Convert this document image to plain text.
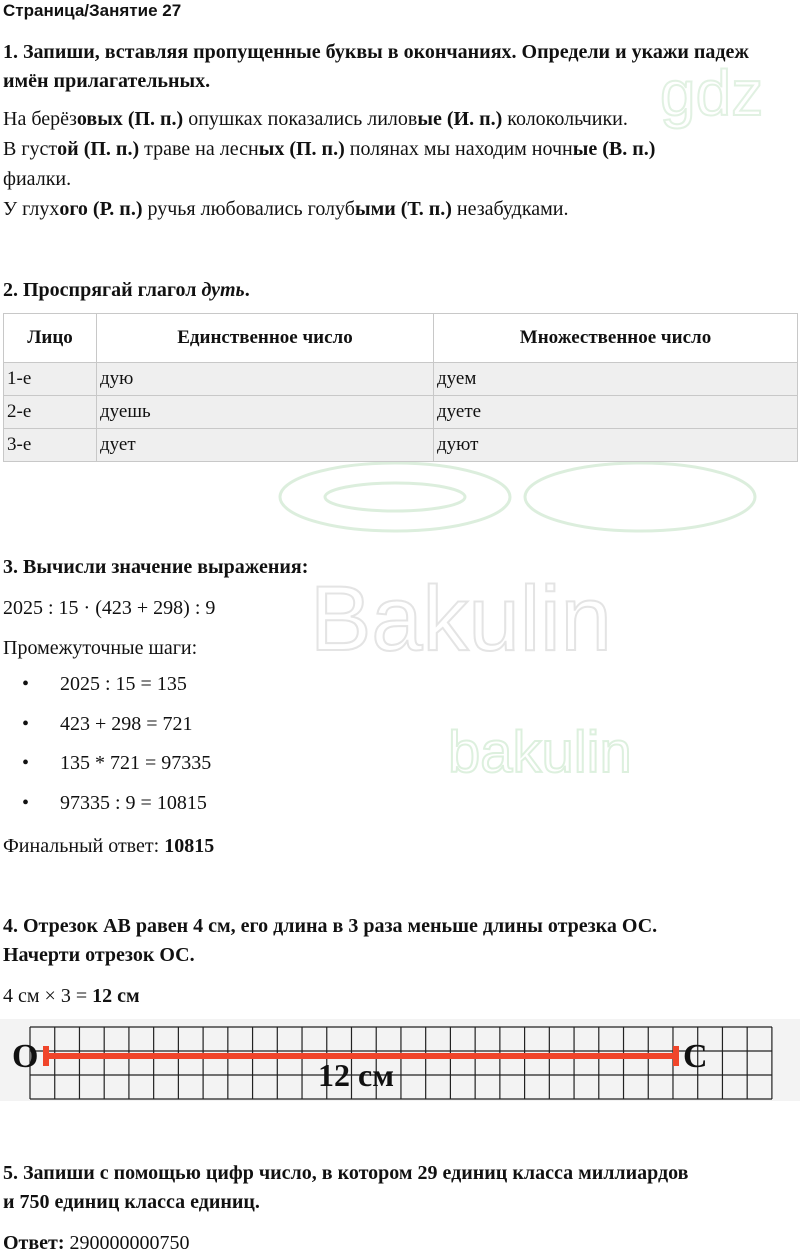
Bakulin
bakulin
gdz
Страница/Занятие 27
1. Запиши, вставляя пропущенные буквы в окончаниях. Определи и укажи падеж имён прилагательных.
На берёзовых (П. п.) опушках показались лиловые (И. п.) колокольчики.
В густой (П. п.) траве на лесных (П. п.) полянах мы находим ночные (В. п.)
фиалки.
У глухого (Р. п.) ручья любовались голубыми (Т. п.) незабудками.
2. Проспрягай глагол дуть.
Лицо	Единственное число	Множественное число
1-е	дую	дуем
2-е	дуешь	дуете
3-е	дует	дуют
3. Вычисли значение выражения:
2025 : 15 · (423 + 298) : 9
Промежуточные шаги:
• 2025 : 15 = 135
• 423 + 298 = 721
• 135 * 721 = 97335
• 97335 : 9 = 10815
Финальный ответ: 10815
4. Отрезок АВ равен 4 см, его длина в 3 раза меньше длины отрезка ОС.
Начерти отрезок ОС.
4 см × 3 = 12 см
O	C
12 см
5. Запиши с помощью цифр число, в котором 29 единиц класса миллиардов
и 750 единиц класса единиц.
Ответ: 290000000750
